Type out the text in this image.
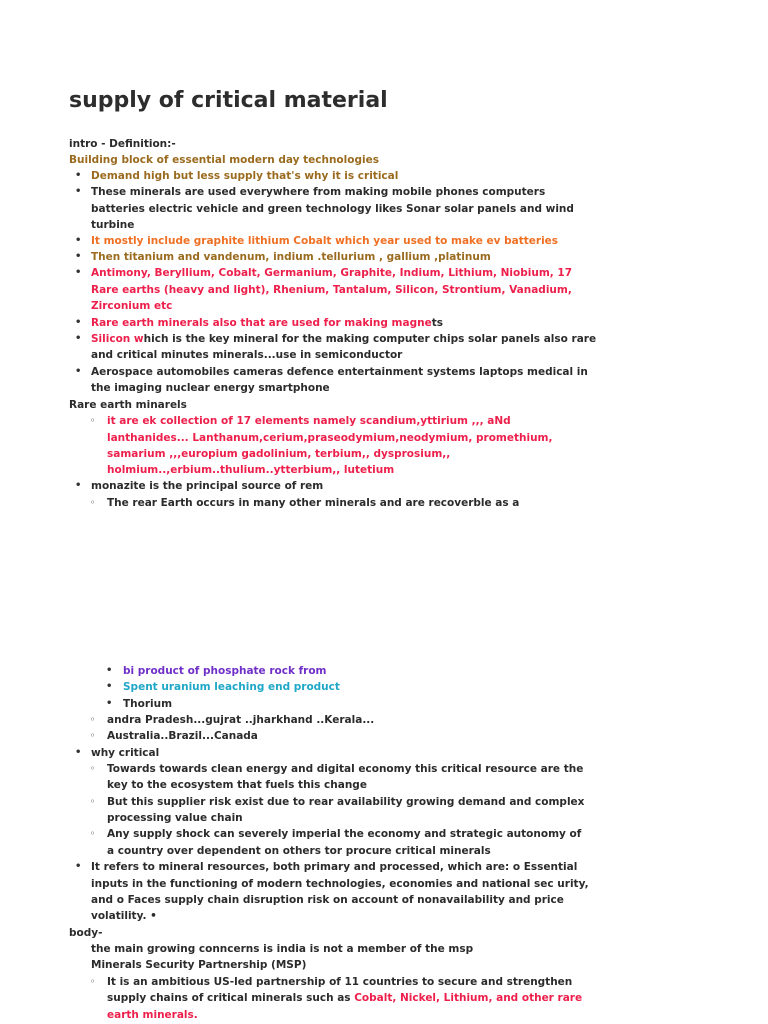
supply of critical material
intro - Definition:-
Building block of essential modern day technologies
• Demand high but less supply that's why it is critical
• These minerals are used everywhere from making mobile phones computers
batteries electric vehicle and green technology likes Sonar solar panels and wind
turbine
• It mostly include graphite lithium Cobalt which year used to make ev batteries
• Then titanium and vandenum, indium .tellurium , gallium ,platinum
• Antimony, Beryllium, Cobalt, Germanium, Graphite, Indium, Lithium, Niobium, 17
Rare earths (heavy and light), Rhenium, Tantalum, Silicon, Strontium, Vanadium,
Zirconium etc
• Rare earth minerals also that are used for making magnets
• Silicon which is the key mineral for the making computer chips solar panels also rare
and critical minutes minerals...use in semiconductor
• Aerospace automobiles cameras defence entertainment systems laptops medical in
the imaging nuclear energy smartphone
Rare earth minarels
◦ it are ek collection of 17 elements namely scandium,yttirium ,,, aNd
lanthanides... Lanthanum,cerium,praseodymium,neodymium, promethium,
samarium ,,,europium gadolinium, terbium,, dysprosium,,
holmium..,erbium..thulium..ytterbium,, lutetium
• monazite is the principal source of rem
◦ The rear Earth occurs in many other minerals and are recoverble as a
• bi product of phosphate rock from
• Spent uranium leaching end product
• Thorium
◦ andra Pradesh...gujrat ..jharkhand ..Kerala...
◦ Australia..Brazil...Canada
• why critical
◦ Towards towards clean energy and digital economy this critical resource are the
key to the ecosystem that fuels this change
◦ But this supplier risk exist due to rear availability growing demand and complex
processing value chain
◦ Any supply shock can severely imperial the economy and strategic autonomy of
a country over dependent on others tor procure critical minerals
• It refers to mineral resources, both primary and processed, which are: o Essential
inputs in the functioning of modern technologies, economies and national sec urity,
and o Faces supply chain disruption risk on account of nonavailability and price
volatility. •
body-
the main growing conncerns is india is not a member of the msp
Minerals Security Partnership (MSP)
◦ It is an ambitious US-led partnership of 11 countries to secure and strengthen
supply chains of critical minerals such as Cobalt, Nickel, Lithium, and other rare
earth minerals.
